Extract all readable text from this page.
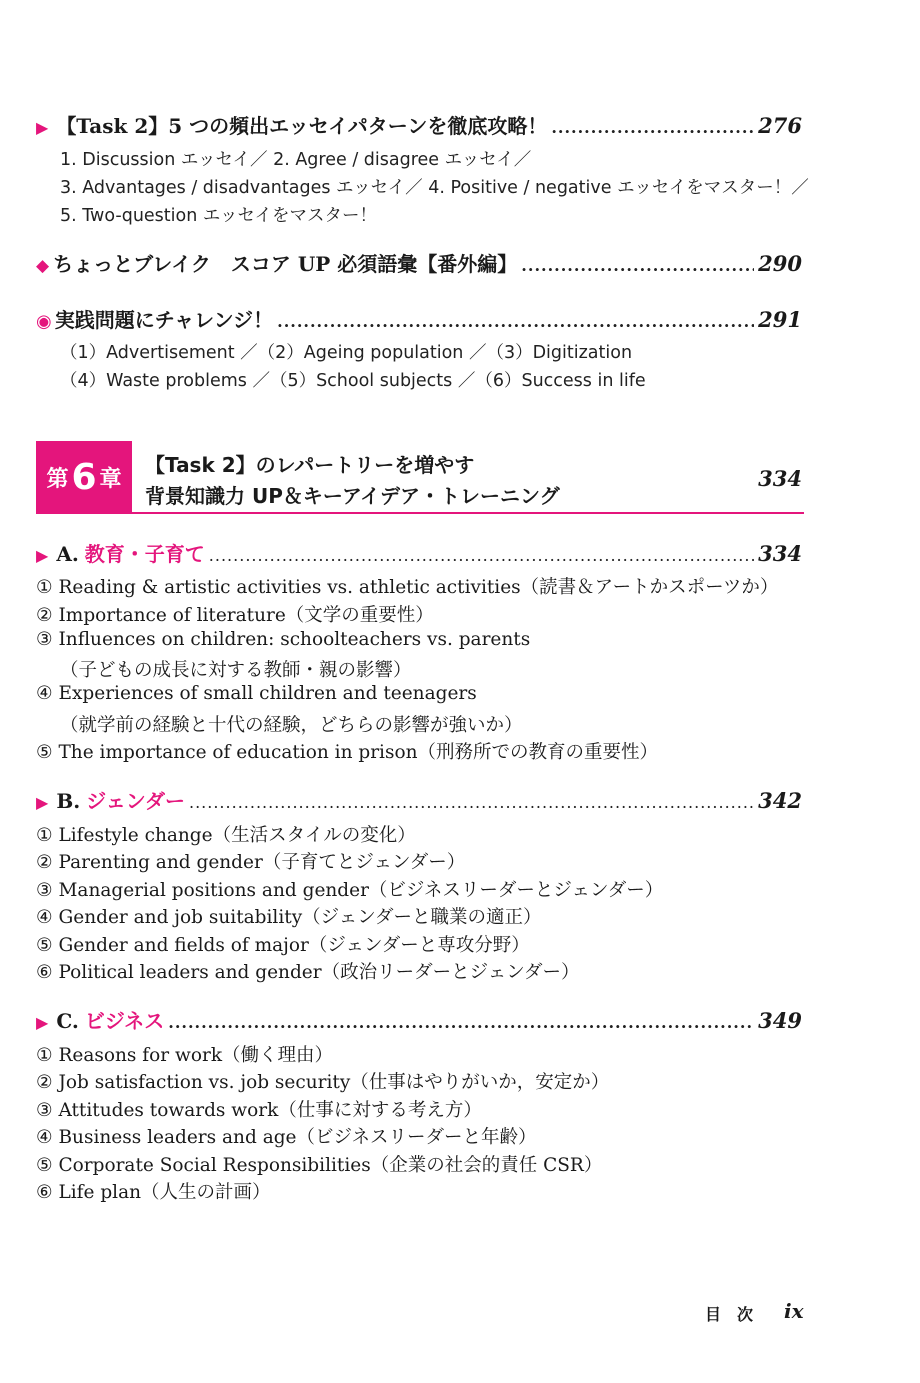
▶ 【Task 2】5 つの頻出エッセイパターンを徹底攻略！ .....	276
1. Discussion エッセイ／ 2. Agree / disagree エッセイ／
3. Advantages / disadvantages エッセイ／ 4. Positive / negative エッセイをマスター！／
5. Two-question エッセイをマスター！
◆ ちょっとブレイク　スコア UP 必須語彙【番外編】 .....	290
◉ 実践問題にチャレンジ！ .....	291
（1）Advertisement ／（2）Ageing population ／（3）Digitization
（4）Waste problems ／（5）School subjects ／（6）Success in life
第 6 章
【Task 2】のレパートリーを増やす
背景知識力 UP＆キーアイデア・トレーニング
334
▶ A. 教育・子育て .....	334
① Reading & artistic activities vs. athletic activities（読書＆アートかスポーツか）
② Importance of literature（文学の重要性）
③ Influences on children: schoolteachers vs. parents
（子どもの成長に対する教師・親の影響）
④ Experiences of small children and teenagers
（就学前の経験と十代の経験，どちらの影響が強いか）
⑤ The importance of education in prison（刑務所での教育の重要性）
▶ B. ジェンダー .....	342
① Lifestyle change（生活スタイルの変化）
② Parenting and gender（子育てとジェンダー）
③ Managerial positions and gender（ビジネスリーダーとジェンダー）
④ Gender and job suitability（ジェンダーと職業の適正）
⑤ Gender and fields of major（ジェンダーと専攻分野）
⑥ Political leaders and gender（政治リーダーとジェンダー）
▶ C. ビジネス .....	349
① Reasons for work（働く理由）
② Job satisfaction vs. job security（仕事はやりがいか，安定か）
③ Attitudes towards work（仕事に対する考え方）
④ Business leaders and age（ビジネスリーダーと年齢）
⑤ Corporate Social Responsibilities（企業の社会的責任 CSR）
⑥ Life plan（人生の計画）
目　次 ix
